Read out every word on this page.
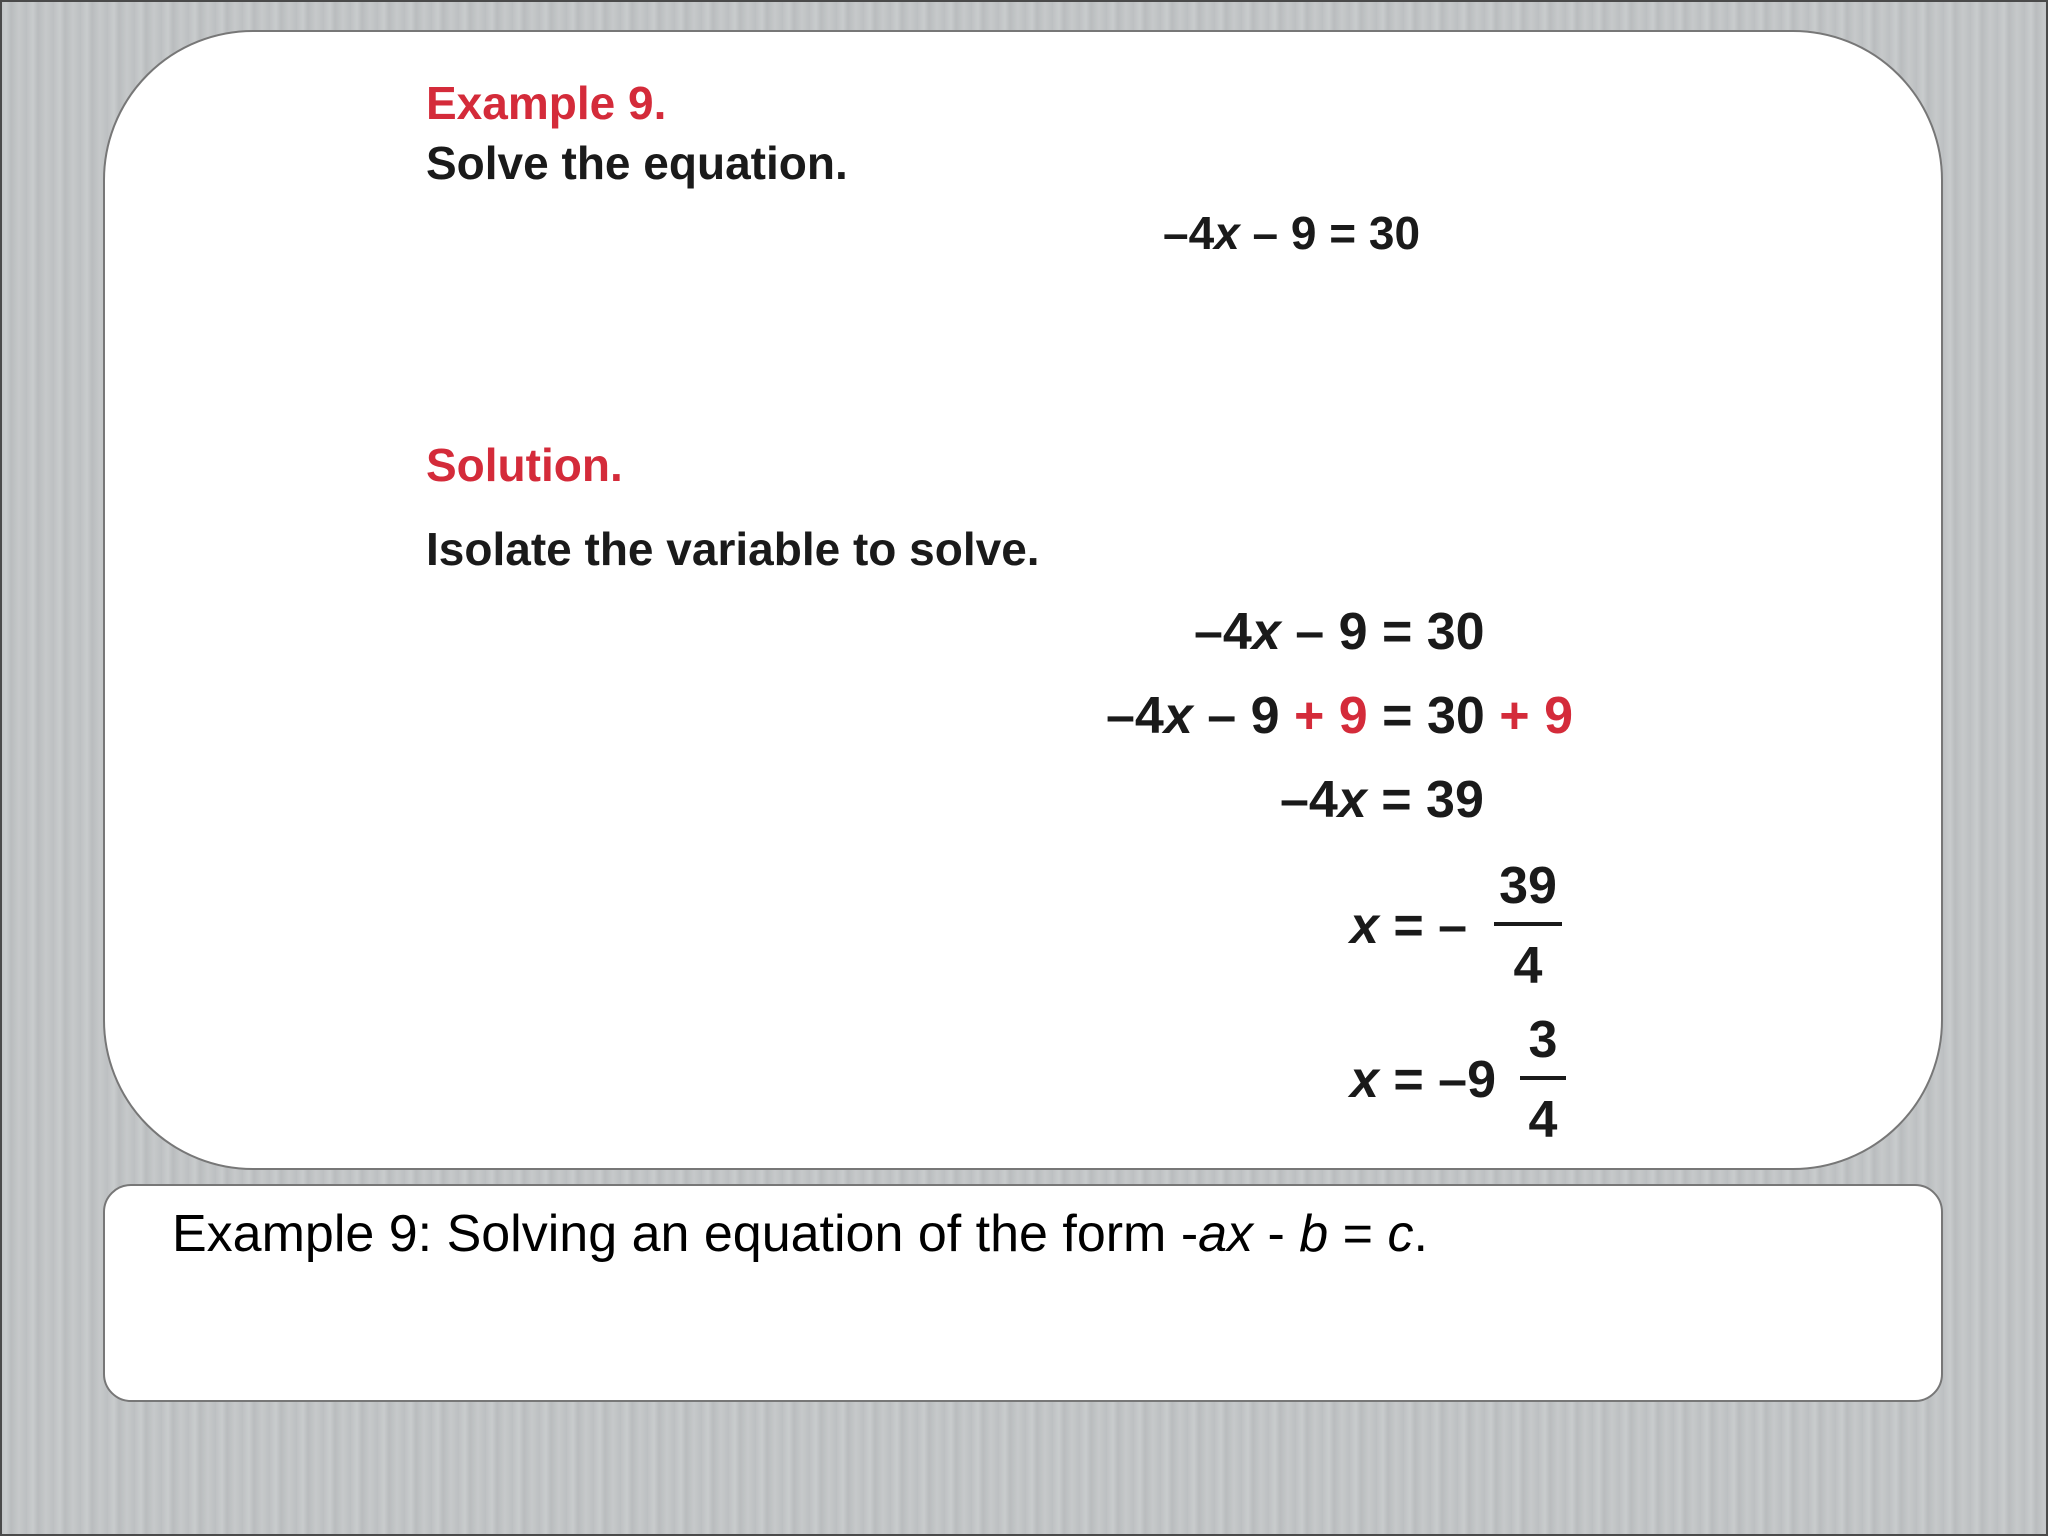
Example 9.
Solve the equation.
–4x – 9 = 30
Solution.
Isolate the variable to solve.
–4x – 9 = 30
–4x – 9 + 9 = 30 + 9
–4x = 39
x = –
39
4
x = –9
3
4
Example 9: Solving an equation of the form -ax - b = c.
